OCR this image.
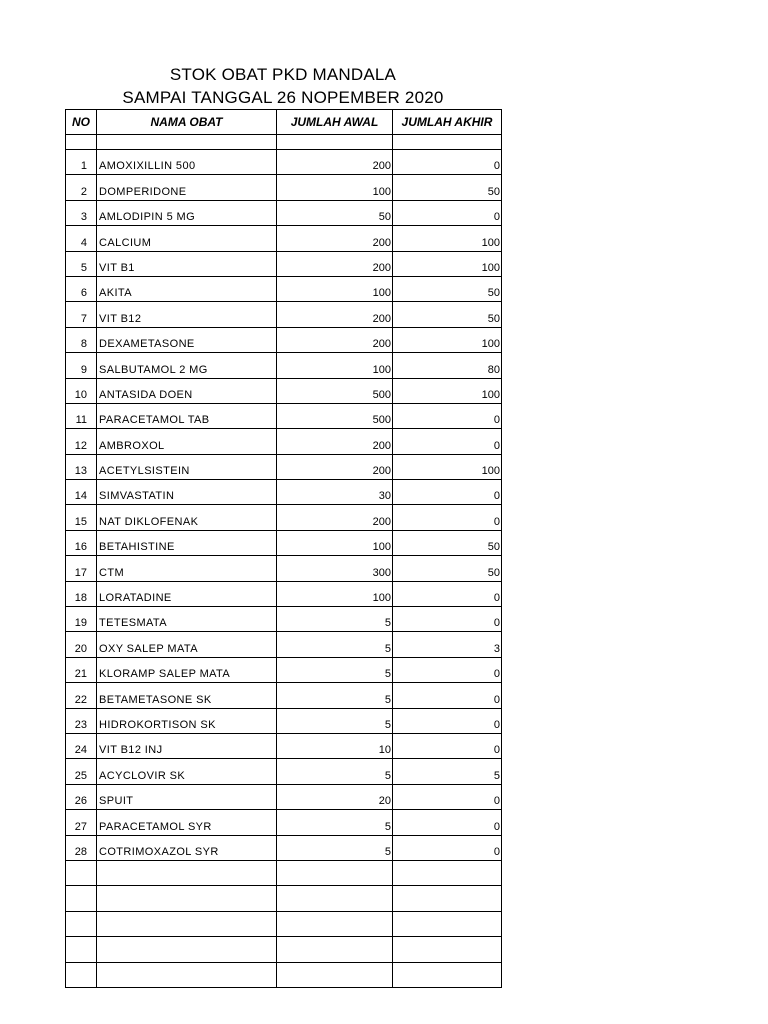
STOK OBAT PKD MANDALA
SAMPAI TANGGAL 26 NOPEMBER 2020
NO	NAMA OBAT	JUMLAH AWAL	JUMLAH AKHIR

1	AMOXIXILLIN 500	200	0
2	DOMPERIDONE	100	50
3	AMLODIPIN 5 MG	50	0
4	CALCIUM	200	100
5	VIT B1	200	100
6	AKITA	100	50
7	VIT B12	200	50
8	DEXAMETASONE	200	100
9	SALBUTAMOL 2 MG	100	80
10	ANTASIDA DOEN	500	100
11	PARACETAMOL TAB	500	0
12	AMBROXOL	200	0
13	ACETYLSISTEIN	200	100
14	SIMVASTATIN	30	0
15	NAT DIKLOFENAK	200	0
16	BETAHISTINE	100	50
17	CTM	300	50
18	LORATADINE	100	0
19	TETESMATA	5	0
20	OXY SALEP MATA	5	3
21	KLORAMP SALEP MATA	5	0
22	BETAMETASONE SK	5	0
23	HIDROKORTISON SK	5	0
24	VIT B12 INJ	10	0
25	ACYCLOVIR SK	5	5
26	SPUIT	20	0
27	PARACETAMOL SYR	5	0
28	COTRIMOXAZOL SYR	5	0
